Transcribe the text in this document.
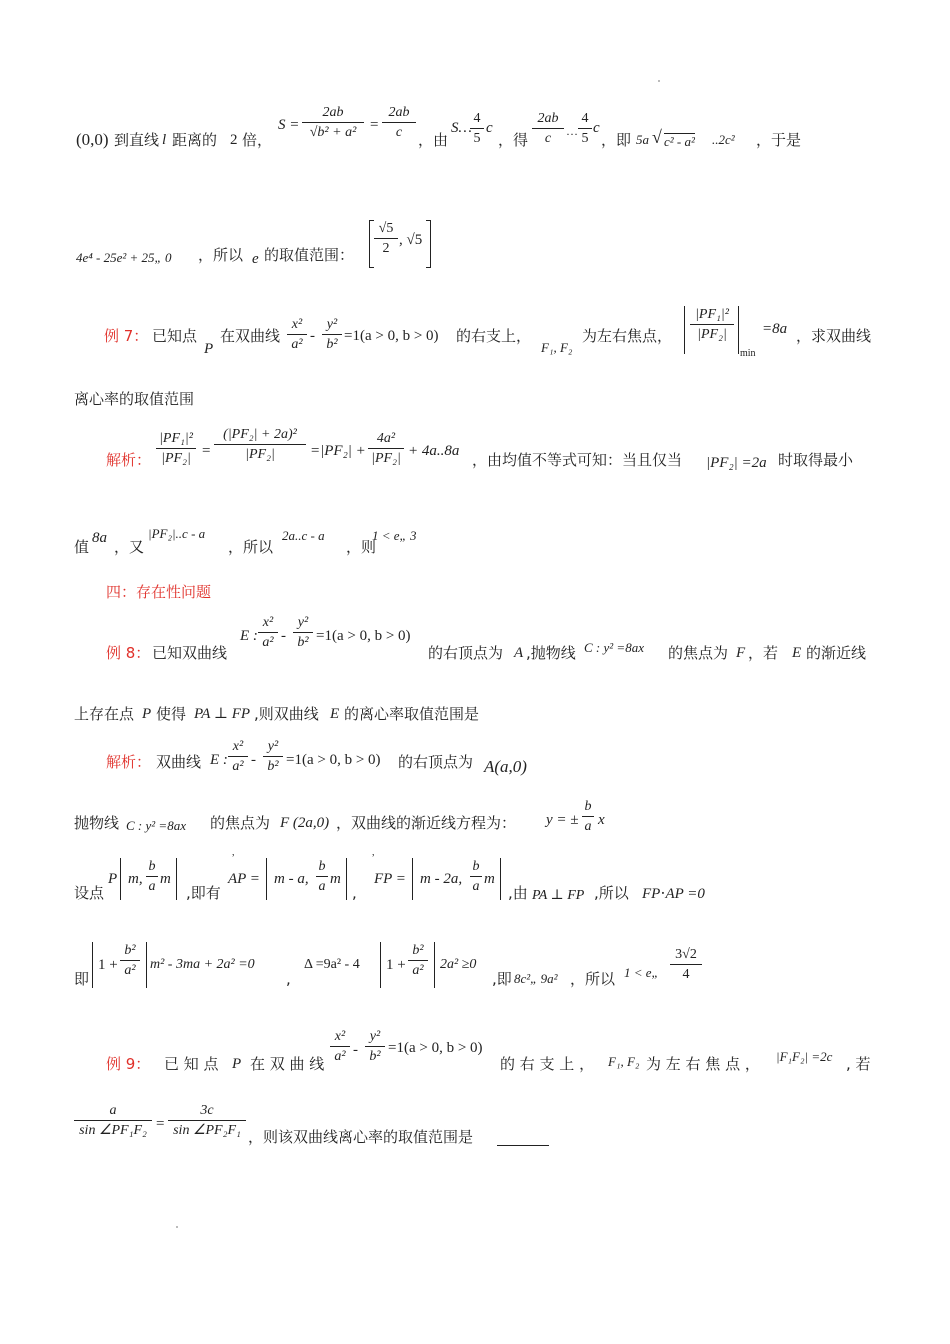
(0,0) 到直线 l 距离的 2 倍，
S =
2ab
√b² + a² =
2ab
c	，由
S…
4
5
c
，得
2ab
c	…
4
5
c
，即 5a √ c² - a² ..2c² ，于是
4e⁴ - 25e² + 25„ 0 ，所以 e 的取值范围：
√5
2
, √5
例 7： 已知点
P
在双曲线
x²
a²
-
y²
b²
=1(a > 0, b > 0) 的右支上，
F₁, F₂
为左右焦点，
|PF₁|²
|PF₂|
min
=8a ，求双曲线
离心率的取值范围
解析：
|PF₁|²
|PF₂| =
(|PF₂| + 2a)²
|PF₂|	=|PF₂| +
4a²
|PF₂| + 4a..8a ，由均值不等式可知：当且仅当 |PF₂| =2a 时取得最小
值 8a ，又
|PF₂|..c - a
，所以
2a..c - a
，则
1 < e„ 3
四：存在性问题
例 8： 已知双曲线
E :
x²
a² -
y²
b² =1(a > 0, b > 0)
的右顶点为 A ,抛物线 C : y² =8ax 的焦点为 F ，若 E 的渐近线
上存在点 P 使得 PA ⊥ FP ,则双曲线 E 的离心率取值范围是
解析： 双曲线 E :
x²
a² -
y²
b² =1(a > 0, b > 0) 的右顶点为 A(a,0)
抛物线 C : y² =8ax 的焦点为 F (2a,0) ，双曲线的渐近线方程为： y = ±
b
a x
设点
P m,
b
a m
,即有
,
AP = m - a,
b
a m
,
,
FP = m - 2a,
b
a m
,由 PA ⊥ FP ,所以 FP⋅AP =0
即
1 +
b²
a²	m² - 3ma + 2a² =0
,
Δ =9a² - 4 1 +
b²
a²	2a² ≥0
,即 8c²„ 9a² ，所以 1 < e„
3√2
4
例 9： 已 知 点 P 在 双 曲 线
x²
a² -
y²
b²
=1(a > 0, b > 0)
的 右 支 上 ， F₁, F₂ 为 左 右 焦 点 ， |F₁F₂| =2c , 若
a
sin ∠PF₁F₂ =
3c
sin ∠PF₂F₁ ，则该双曲线离心率的取值范围是
